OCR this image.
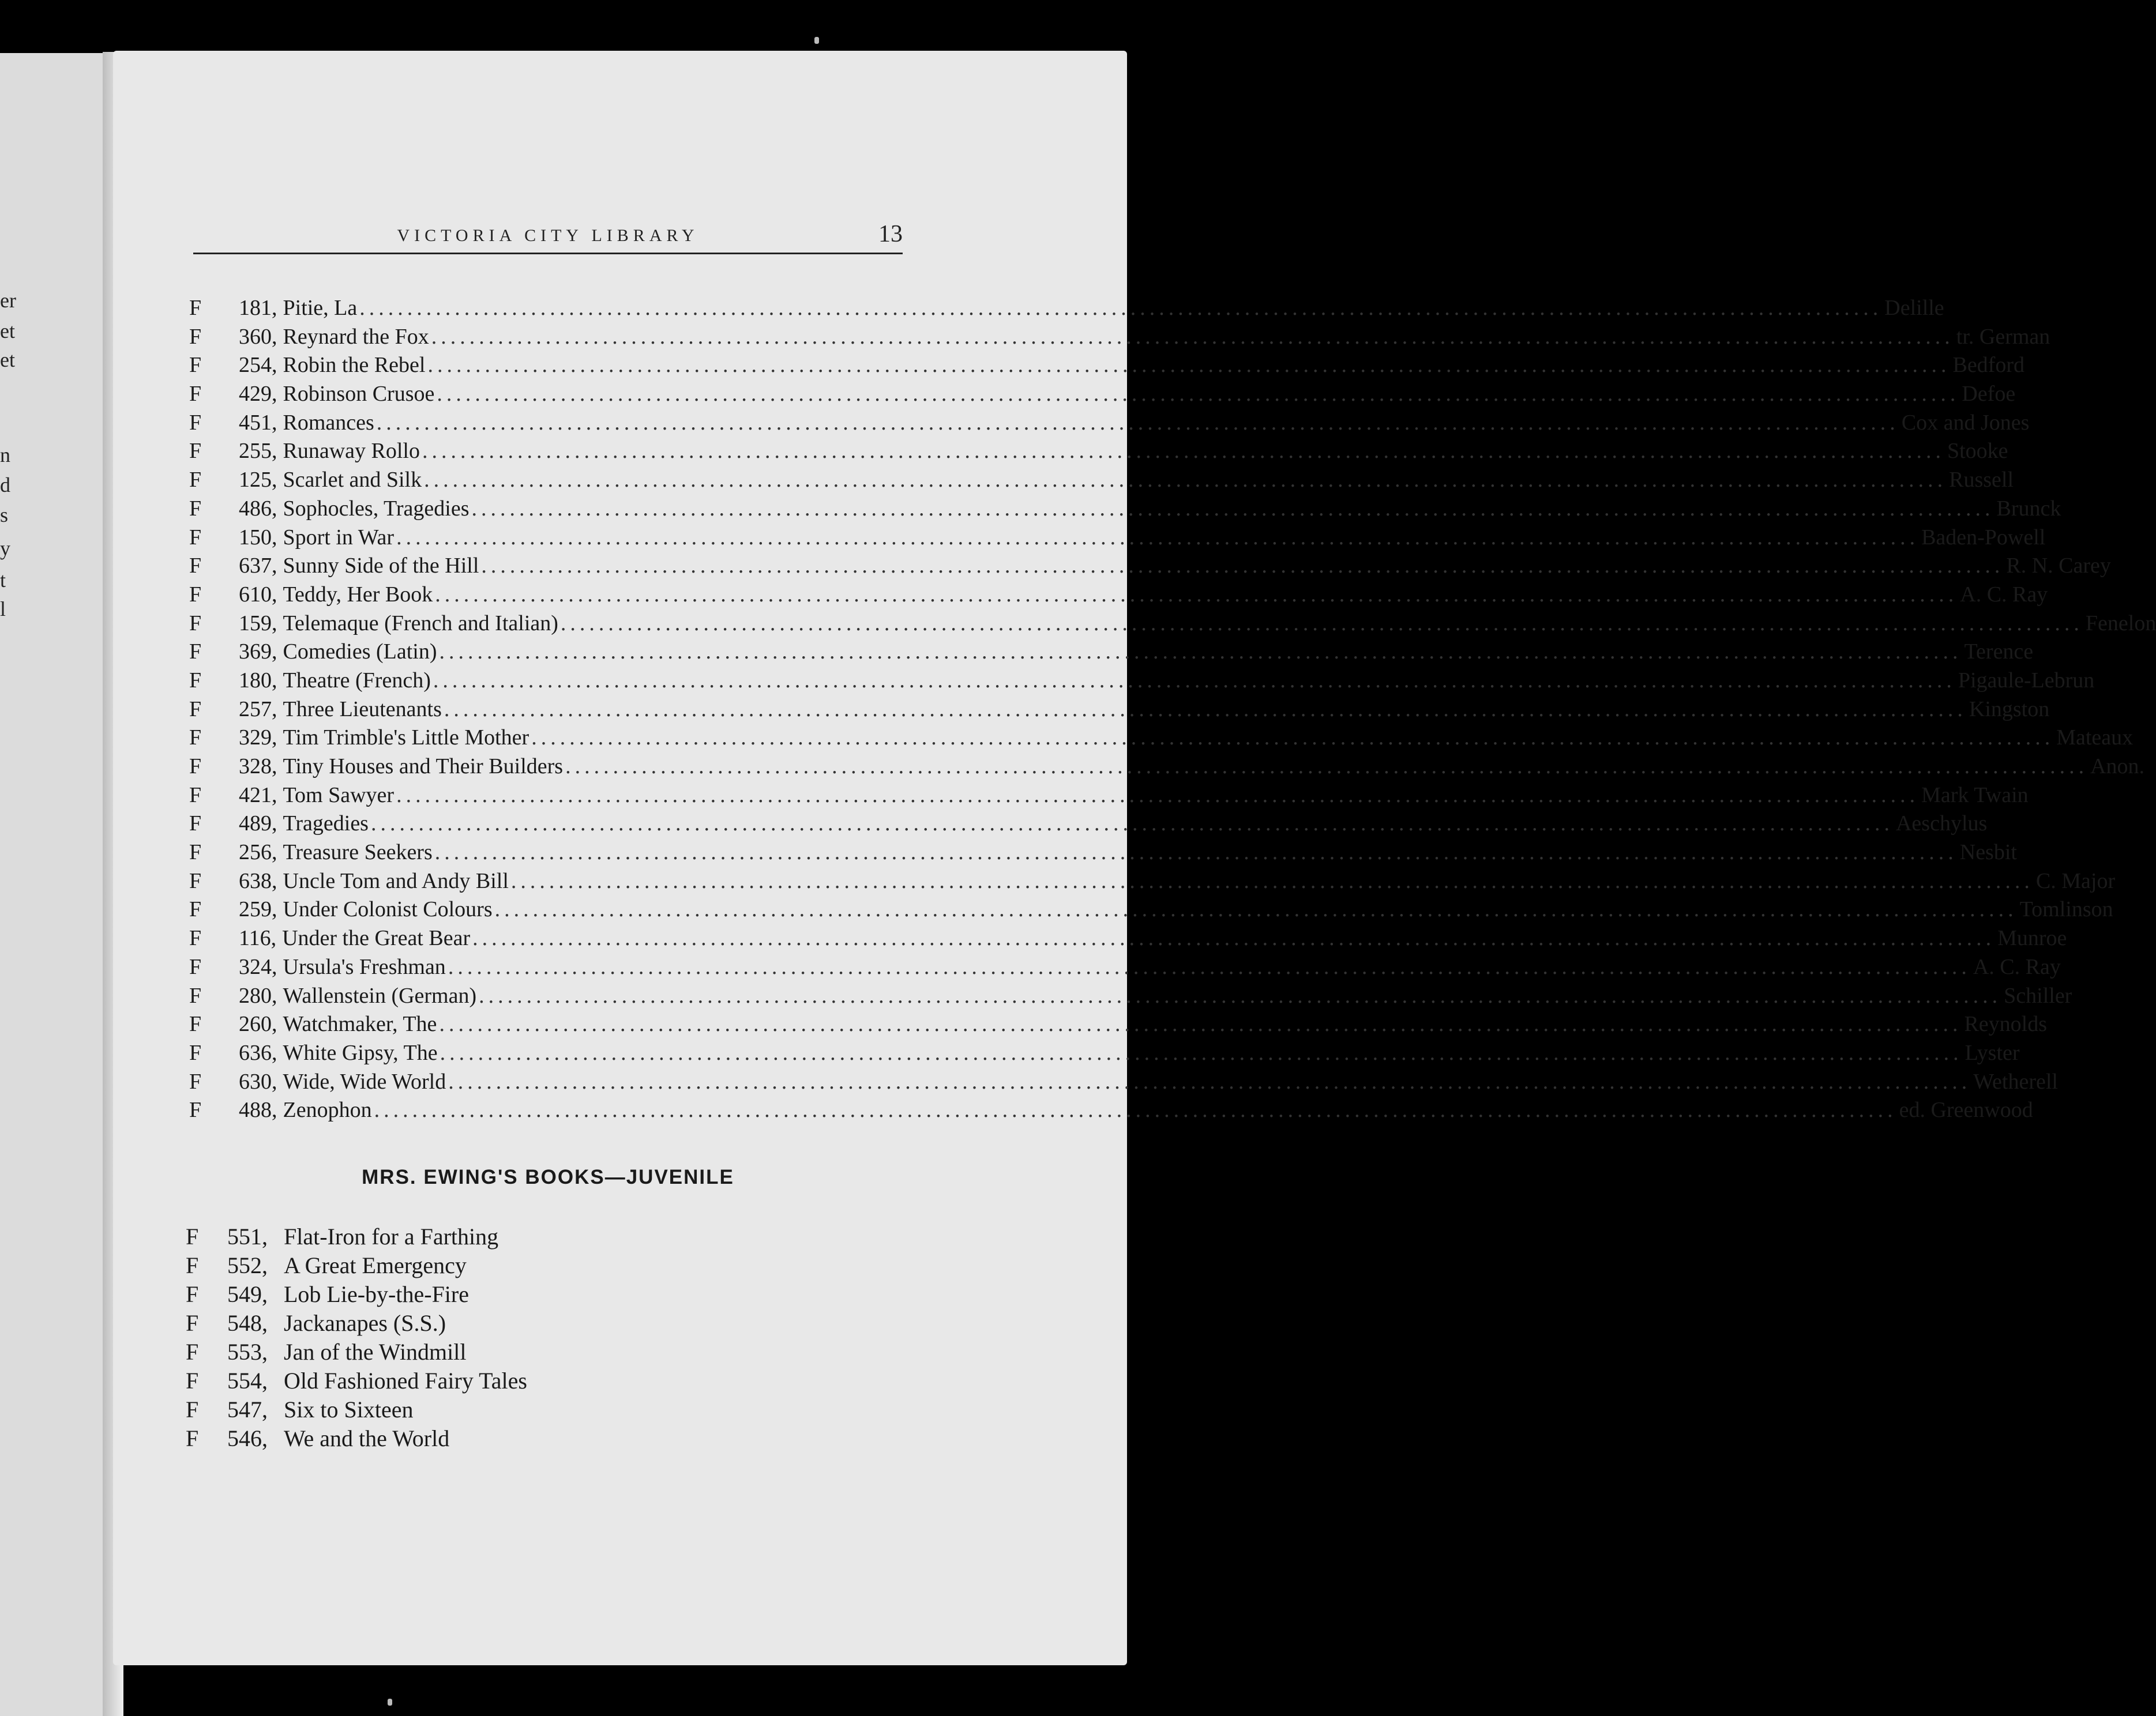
er
et
et
n
d
s
y
t
l
VICTORIA CITY LIBRARY	13
F	181, Pitie, La ................................................................................................................................................................ Delille
F	360, Reynard the Fox ................................................................................................................................................................ tr. German
F	254, Robin the Rebel ................................................................................................................................................................ Bedford
F	429, Robinson Crusoe ................................................................................................................................................................ Defoe
F	451, Romances ................................................................................................................................................................ Cox and Jones
F	255, Runaway Rollo ................................................................................................................................................................ Stooke
F	125, Scarlet and Silk ................................................................................................................................................................ Russell
F	486, Sophocles, Tragedies ................................................................................................................................................................ Brunck
F	150, Sport in War ................................................................................................................................................................ Baden-Powell
F	637, Sunny Side of the Hill ................................................................................................................................................................ R. N. Carey
F	610, Teddy, Her Book ................................................................................................................................................................ A. C. Ray
F	159, Telemaque (French and Italian) ................................................................................................................................................................ Fenelon
F	369, Comedies (Latin) ................................................................................................................................................................ Terence
F	180, Theatre (French) ................................................................................................................................................................ Pigaule-Lebrun
F	257, Three Lieutenants ................................................................................................................................................................ Kingston
F	329, Tim Trimble's Little Mother ................................................................................................................................................................ Mateaux
F	328, Tiny Houses and Their Builders ................................................................................................................................................................ Anon.
F	421, Tom Sawyer ................................................................................................................................................................ Mark Twain
F	489, Tragedies ................................................................................................................................................................ Aeschylus
F	256, Treasure Seekers ................................................................................................................................................................ Nesbit
F	638, Uncle Tom and Andy Bill ................................................................................................................................................................ C. Major
F	259, Under Colonist Colours ................................................................................................................................................................ Tomlinson
F	116, Under the Great Bear ................................................................................................................................................................ Munroe
F	324, Ursula's Freshman ................................................................................................................................................................ A. C. Ray
F	280, Wallenstein (German) ................................................................................................................................................................ Schiller
F	260, Watchmaker, The ................................................................................................................................................................ Reynolds
F	636, White Gipsy, The ................................................................................................................................................................ Lyster
F	630, Wide, Wide World ................................................................................................................................................................ Wetherell
F	488, Zenophon ................................................................................................................................................................ ed. Greenwood
MRS. EWING'S BOOKS—JUVENILE
F 551, Flat-Iron for a Farthing
F 552, A Great Emergency
F 549, Lob Lie-by-the-Fire
F 548, Jackanapes (S.S.)
F 553, Jan of the Windmill
F 554, Old Fashioned Fairy Tales
F 547, Six to Sixteen
F 546, We and the World
